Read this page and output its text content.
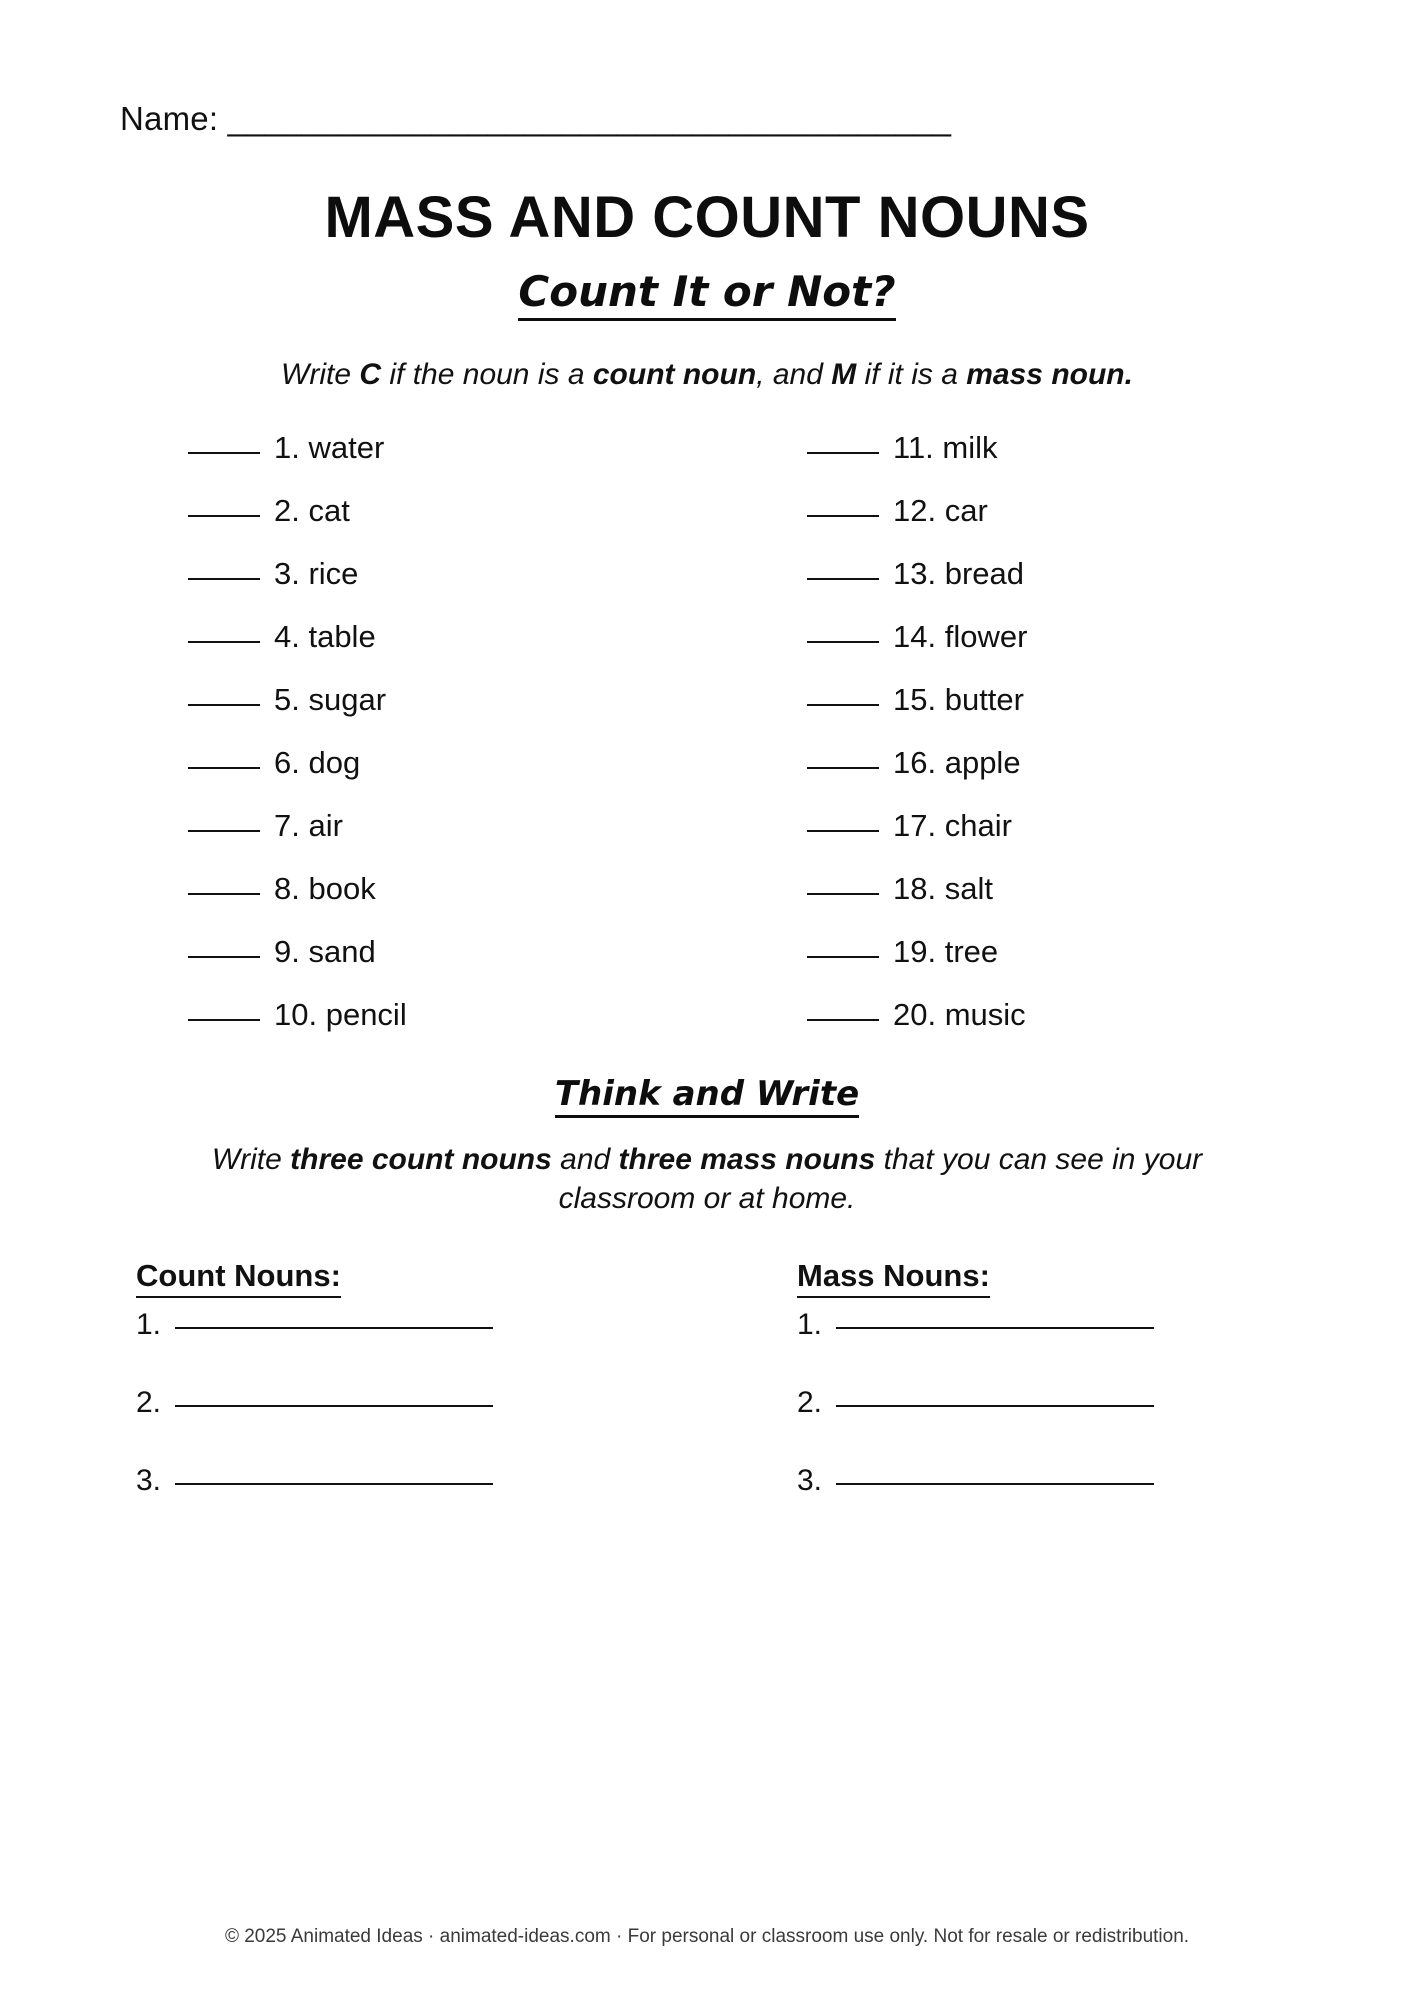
Name: _______________________________________
MASS AND COUNT NOUNS
Count It or Not?
Write C if the noun is a count noun, and M if it is a mass noun.
1. water
2. cat
3. rice
4. table
5. sugar
6. dog
7. air
8. book
9. sand
10. pencil
11. milk
12. car
13. bread
14. flower
15. butter
16. apple
17. chair
18. salt
19. tree
20. music
Think and Write
Write three count nouns and three mass nouns that you can see in your classroom or at home.
Count Nouns:
1.
2.
3.
Mass Nouns:
1.
2.
3.
© 2025 Animated Ideas · animated-ideas.com · For personal or classroom use only. Not for resale or redistribution.
